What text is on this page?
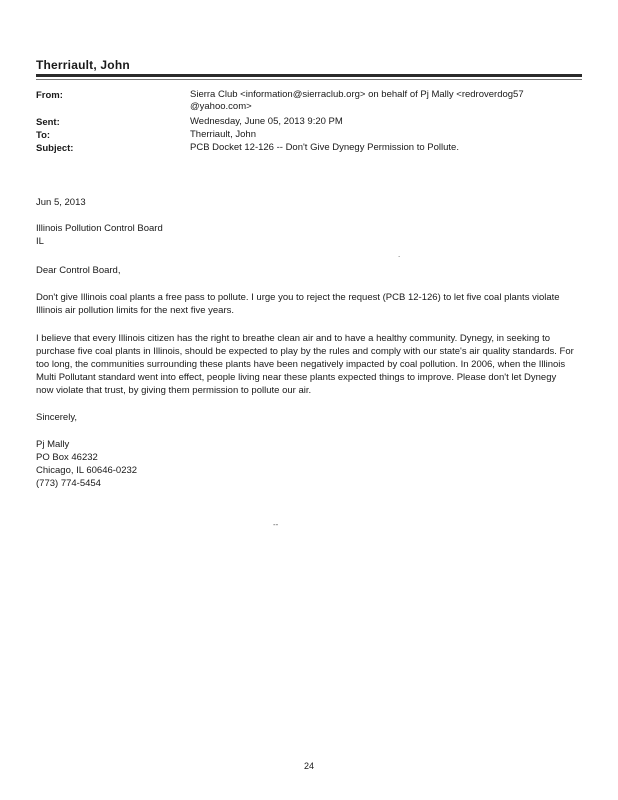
Therriault, John
From:	Sierra Club <information@sierraclub.org> on behalf of Pj Mally <redroverdog57 @yahoo.com>
Sent:	Wednesday, June 05, 2013 9:20 PM
To:	Therriault, John
Subject:	PCB Docket 12-126 -- Don't Give Dynegy Permission to Pollute.
Jun 5, 2013
Illinois Pollution Control Board
IL
.
Dear Control Board,
Don't give Illinois coal plants a free pass to pollute. I urge you to reject the request (PCB 12-126) to let five coal plants violate Illinois air pollution limits for the next five years.
I believe that every Illinois citizen has the right to breathe clean air and to have a healthy community. Dynegy, in seeking to purchase five coal plants in Illinois, should be expected to play by the rules and comply with our state's air quality standards. For too long, the communities surrounding these plants have been negatively impacted by coal pollution. In 2006, when the Illinois Multi Pollutant standard went into effect, people living near these plants expected things to improve. Please don't let Dynegy now violate that trust, by giving them permission to pollute our air.
Sincerely,
Pj Mally
PO Box 46232
Chicago, IL 60646-0232
(773) 774-5454
--
24
